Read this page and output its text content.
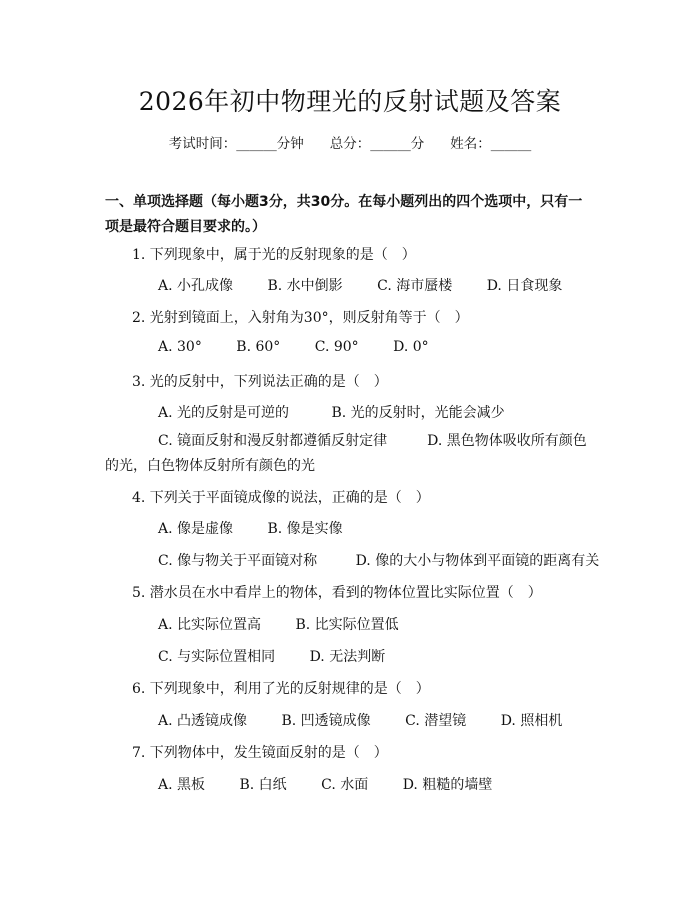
2026年初中物理光的反射试题及答案
考试时间：______分钟 总分：______分 姓名：______
一、单项选择题（每小题3分，共30分。在每小题列出的四个选项中，只有一项是最符合题目要求的。）
1. 下列现象中，属于光的反射现象的是（　）
A. 小孔成像 B. 水中倒影 C. 海市蜃楼 D. 日食现象
2. 光射到镜面上，入射角为30°，则反射角等于（　）
A. 30° B. 60° C. 90° D. 0°
3. 光的反射中，下列说法正确的是（　）
A. 光的反射是可逆的	B. 光的反射时，光能会减少
C. 镜面反射和漫反射都遵循反射定律	D. 黑色物体吸收所有颜色的光，白色物体反射所有颜色的光
4. 下列关于平面镜成像的说法，正确的是（　）
A. 像是虚像 B. 像是实像
C. 像与物关于平面镜对称	D. 像的大小与物体到平面镜的距离有关
5. 潜水员在水中看岸上的物体，看到的物体位置比实际位置（　）
A. 比实际位置高 B. 比实际位置低
C. 与实际位置相同 D. 无法判断
6. 下列现象中，利用了光的反射规律的是（　）
A. 凸透镜成像 B. 凹透镜成像 C. 潜望镜 D. 照相机
7. 下列物体中，发生镜面反射的是（　）
A. 黑板 B. 白纸 C. 水面 D. 粗糙的墙壁
